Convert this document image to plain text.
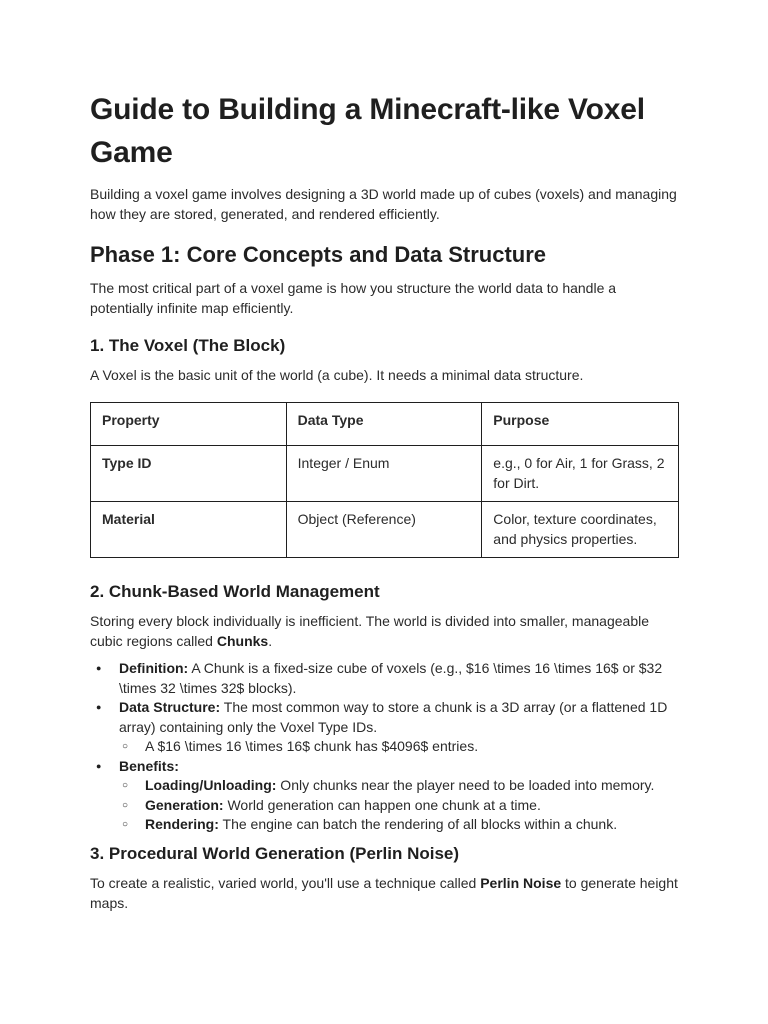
Guide to Building a Minecraft-like Voxel Game

Building a voxel game involves designing a 3D world made up of cubes (voxels) and managing how they are stored, generated, and rendered efficiently.

Phase 1: Core Concepts and Data Structure

The most critical part of a voxel game is how you structure the world data to handle a potentially infinite map efficiently.

1. The Voxel (The Block)

A Voxel is the basic unit of the world (a cube). It needs a minimal data structure.

Property	Data Type	Purpose
Type ID	Integer / Enum	e.g., 0 for Air, 1 for Grass, 2 for Dirt.
Material	Object (Reference)	Color, texture coordinates, and physics properties.
2. Chunk-Based World Management

Storing every block individually is inefficient. The world is divided into smaller, manageable cubic regions called Chunks.

● Definition: A Chunk is a fixed-size cube of voxels (e.g., $16 \times 16 \times 16$ or $32 \times 32 \times 32$ blocks).
● Data Structure: The most common way to store a chunk is a 3D array (or a flattened 1D array) containing only the Voxel Type IDs.
○ A $16 \times 16 \times 16$ chunk has $4096$ entries.
● Benefits:
○ Loading/Unloading: Only chunks near the player need to be loaded into memory.
○ Generation: World generation can happen one chunk at a time.
○ Rendering: The engine can batch the rendering of all blocks within a chunk.
3. Procedural World Generation (Perlin Noise)

To create a realistic, varied world, you'll use a technique called Perlin Noise to generate height maps.
